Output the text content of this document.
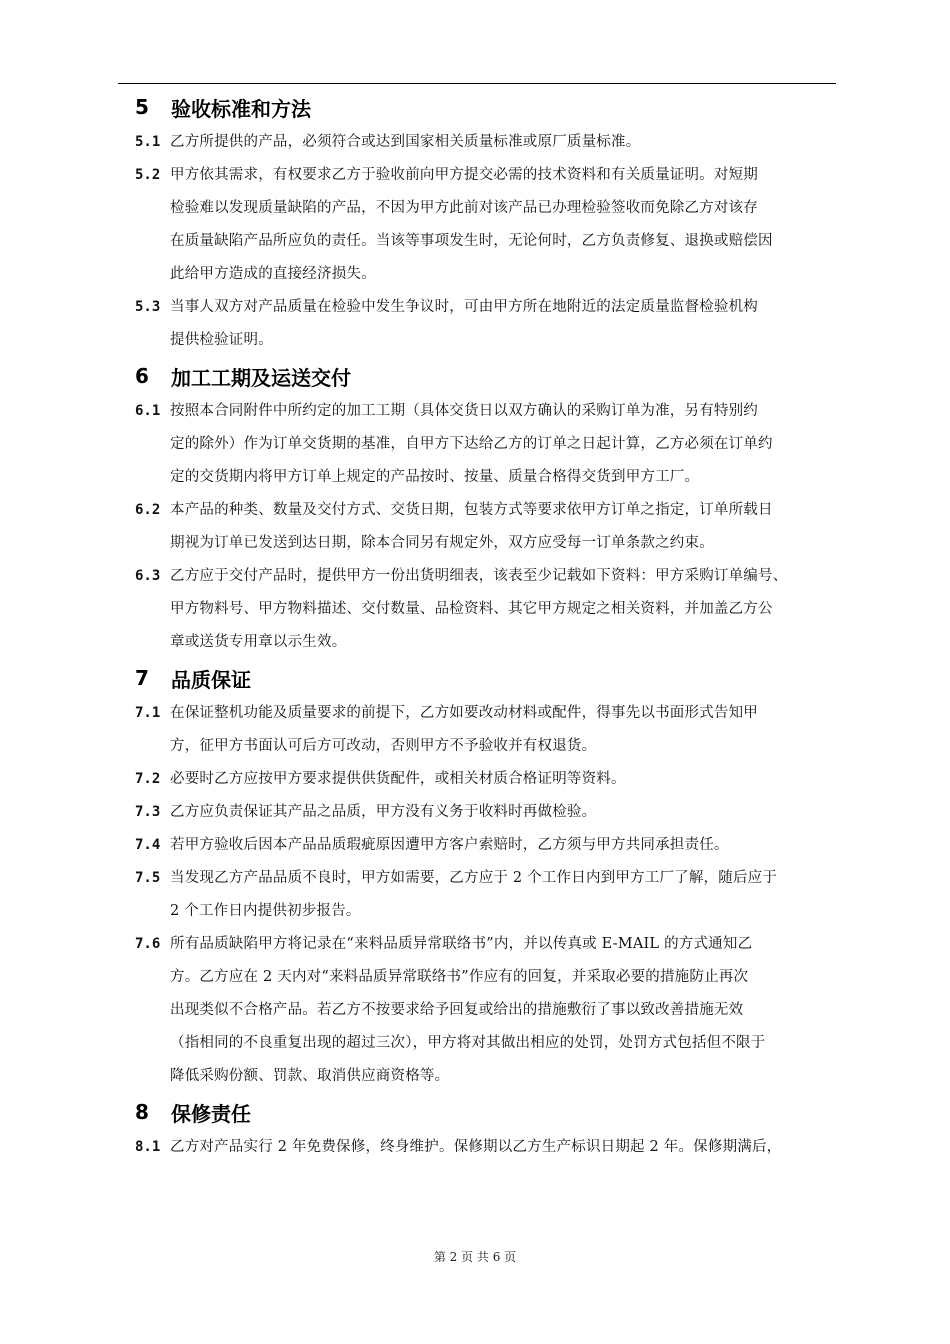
5	验收标准和方法
5.1 乙方所提供的产品，必须符合或达到国家相关质量标准或原厂质量标准。
5.2 甲方依其需求，有权要求乙方于验收前向甲方提交必需的技术资料和有关质量证明。对短期
检验难以发现质量缺陷的产品，不因为甲方此前对该产品已办理检验签收而免除乙方对该存
在质量缺陷产品所应负的责任。当该等事项发生时，无论何时，乙方负责修复、退换或赔偿因
此给甲方造成的直接经济损失。
5.3 当事人双方对产品质量在检验中发生争议时，可由甲方所在地附近的法定质量监督检验机构
提供检验证明。
6	加工工期及运送交付
6.1 按照本合同附件中所约定的加工工期（具体交货日以双方确认的采购订单为准，另有特别约
定的除外）作为订单交货期的基准，自甲方下达给乙方的订单之日起计算，乙方必须在订单约
定的交货期内将甲方订单上规定的产品按时、按量、质量合格得交货到甲方工厂。
6.2 本产品的种类、数量及交付方式、交货日期，包装方式等要求依甲方订单之指定，订单所载日
期视为订单已发送到达日期，除本合同另有规定外，双方应受每一订单条款之约束。
6.3 乙方应于交付产品时，提供甲方一份出货明细表，该表至少记载如下资料：甲方采购订单编号、
甲方物料号、甲方物料描述、交付数量、品检资料、其它甲方规定之相关资料，并加盖乙方公
章或送货专用章以示生效。
7	品质保证
7.1 在保证整机功能及质量要求的前提下，乙方如要改动材料或配件，得事先以书面形式告知甲
方，征甲方书面认可后方可改动，否则甲方不予验收并有权退货。
7.2 必要时乙方应按甲方要求提供供货配件，或相关材质合格证明等资料。
7.3 乙方应负责保证其产品之品质，甲方没有义务于收料时再做检验。
7.4 若甲方验收后因本产品品质瑕疵原因遭甲方客户索赔时，乙方须与甲方共同承担责任。
7.5 当发现乙方产品品质不良时，甲方如需要，乙方应于 2 个工作日内到甲方工厂了解，随后应于
2 个工作日内提供初步报告。
7.6 所有品质缺陷甲方将记录在“来料品质异常联络书”内，并以传真或 E-MAIL 的方式通知乙
方。乙方应在 2 天内对“来料品质异常联络书”作应有的回复，并采取必要的措施防止再次
出现类似不合格产品。若乙方不按要求给予回复或给出的措施敷衍了事以致改善措施无效
（指相同的不良重复出现的超过三次），甲方将对其做出相应的处罚，处罚方式包括但不限于
降低采购份额、罚款、取消供应商资格等。
8	保修责任
8.1 乙方对产品实行 2 年免费保修，终身维护。保修期以乙方生产标识日期起 2 年。保修期满后，
第 2 页 共 6 页
